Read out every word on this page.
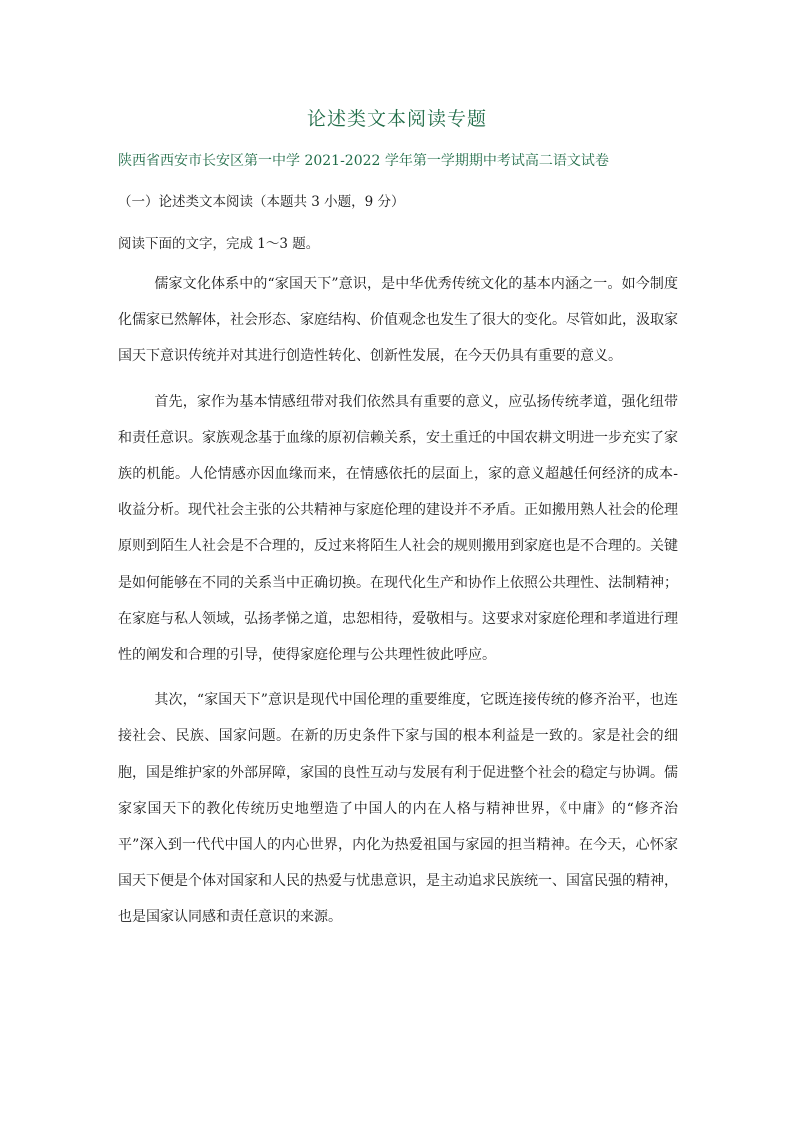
论述类文本阅读专题
陕西省西安市长安区第一中学 2021-2022 学年第一学期期中考试高二语文试卷
（一）论述类文本阅读（本题共 3 小题，9 分）
阅读下面的文字，完成 1～3 题。

儒家文化体系中的“家国天下”意识，是中华优秀传统文化的基本内涵之一。如今制度化儒家已然解体，社会形态、家庭结构、价值观念也发生了很大的变化。尽管如此，汲取家国天下意识传统并对其进行创造性转化、创新性发展，在今天仍具有重要的意义。

首先，家作为基本情感纽带对我们依然具有重要的意义，应弘扬传统孝道，强化纽带和责任意识。家族观念基于血缘的原初信赖关系，安土重迁的中国农耕文明进一步充实了家族的机能。人伦情感亦因血缘而来，在情感依托的层面上，家的意义超越任何经济的成本-收益分析。现代社会主张的公共精神与家庭伦理的建设并不矛盾。正如搬用熟人社会的伦理原则到陌生人社会是不合理的，反过来将陌生人社会的规则搬用到家庭也是不合理的。关键是如何能够在不同的关系当中正确切换。在现代化生产和协作上依照公共理性、法制精神；在家庭与私人领域，弘扬孝悌之道，忠恕相待，爱敬相与。这要求对家庭伦理和孝道进行理性的阐发和合理的引导，使得家庭伦理与公共理性彼此呼应。

其次，“家国天下”意识是现代中国伦理的重要维度，它既连接传统的修齐治平，也连接社会、民族、国家问题。在新的历史条件下家与国的根本利益是一致的。家是社会的细胞，国是维护家的外部屏障，家国的良性互动与发展有利于促进整个社会的稳定与协调。儒家家国天下的教化传统历史地塑造了中国人的内在人格与精神世界，《中庸》的“修齐治平”深入到一代代中国人的内心世界，内化为热爱祖国与家园的担当精神。在今天，心怀家国天下便是个体对国家和人民的热爱与忧患意识，是主动追求民族统一、国富民强的精神，也是国家认同感和责任意识的来源。
